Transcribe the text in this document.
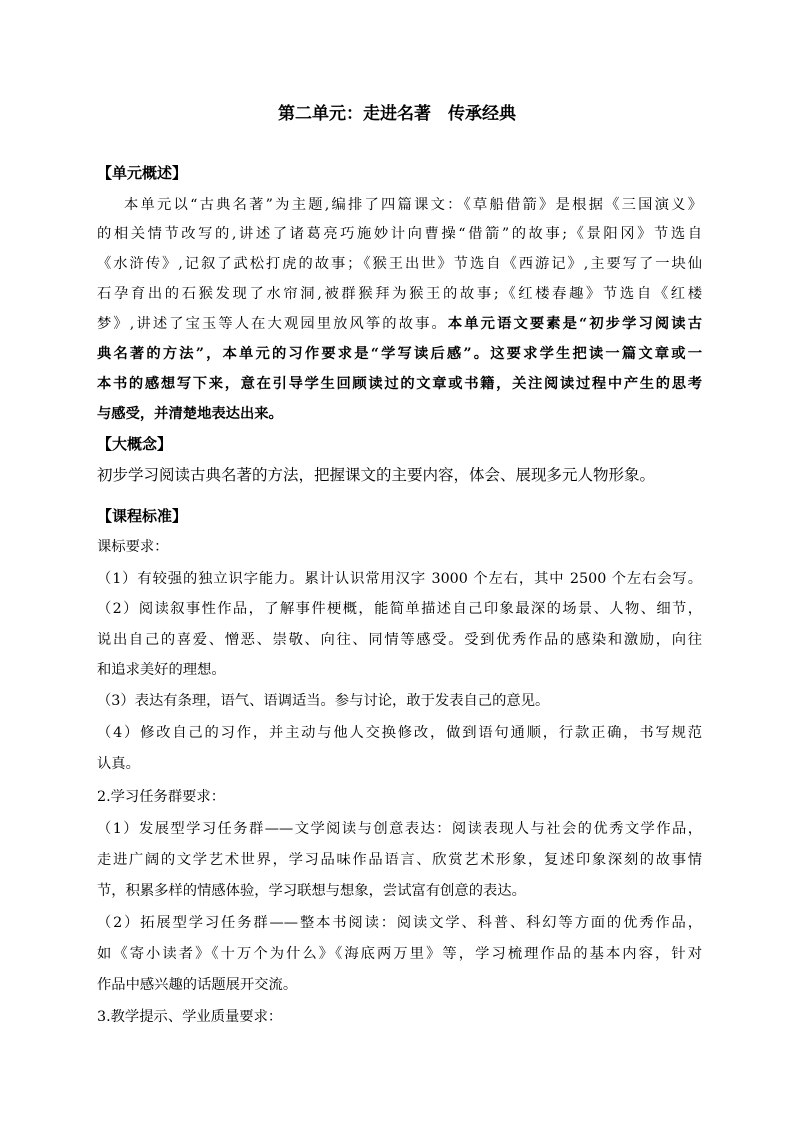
第二单元：走进名著　传承经典
【单元概述】
本单元以“古典名著”为主题,编排了四篇课文：《草船借箭》是根据《三国演义》
的相关情节改写的,讲述了诸葛亮巧施妙计向曹操“借箭”的故事;《景阳冈》节选自
《水浒传》,记叙了武松打虎的故事；《猴王出世》节选自《西游记》,主要写了一块仙
石孕育出的石猴发现了水帘洞,被群猴拜为猴王的故事;《红楼春趣》节选自《红楼
梦》,讲述了宝玉等人在大观园里放风筝的故事。本单元语文要素是“初步学习阅读古
典名著的方法”，本单元的习作要求是“学写读后感”。这要求学生把读一篇文章或一
本书的感想写下来，意在引导学生回顾读过的文章或书籍，关注阅读过程中产生的思考
与感受，并清楚地表达出来。
【大概念】
初步学习阅读古典名著的方法，把握课文的主要内容，体会、展现多元人物形象。
【课程标准】
课标要求：
（1）有较强的独立识字能力。累计认识常用汉字 3000 个左右，其中 2500 个左右会写。
（2）阅读叙事性作品，了解事件梗概，能简单描述自己印象最深的场景、人物、细节，
说出自己的喜爱、憎恶、崇敬、向往、同情等感受。受到优秀作品的感染和激励，向往
和追求美好的理想。
（3）表达有条理，语气、语调适当。参与讨论，敢于发表自己的意见。
（4）修改自己的习作，并主动与他人交换修改，做到语句通顺，行款正确，书写规范
认真。
2.学习任务群要求：
（1）发展型学习任务群——文学阅读与创意表达：阅读表现人与社会的优秀文学作品，
走进广阔的文学艺术世界，学习品味作品语言、欣赏艺术形象，复述印象深刻的故事情
节，积累多样的情感体验，学习联想与想象，尝试富有创意的表达。
（2）拓展型学习任务群——整本书阅读：阅读文学、科普、科幻等方面的优秀作品，
如《寄小读者》《十万个为什么》《海底两万里》等，学习梳理作品的基本内容，针对
作品中感兴趣的话题展开交流。
3.教学提示、学业质量要求：
